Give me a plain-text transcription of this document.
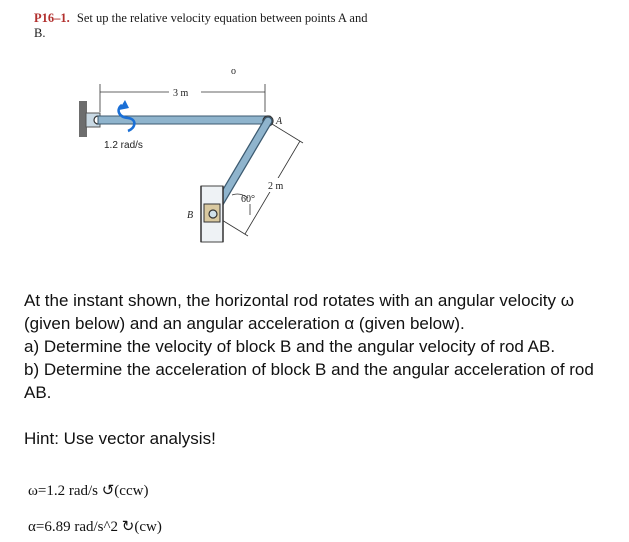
P16–1. Set up the relative velocity equation between points A and B.
3 m
1.2 rad/s
o
A
2 m
60°
B

At the instant shown, the horizontal rod rotates with an angular velocity ω (given below) and an angular acceleration α (given below).

a) Determine the velocity of block B and the angular velocity of rod AB.

b) Determine the acceleration of block B and the angular acceleration of rod AB.

Hint: Use vector analysis!
ω=1.2 rad/s ↺(ccw)
α=6.89 rad/s^2 ↻(cw)
